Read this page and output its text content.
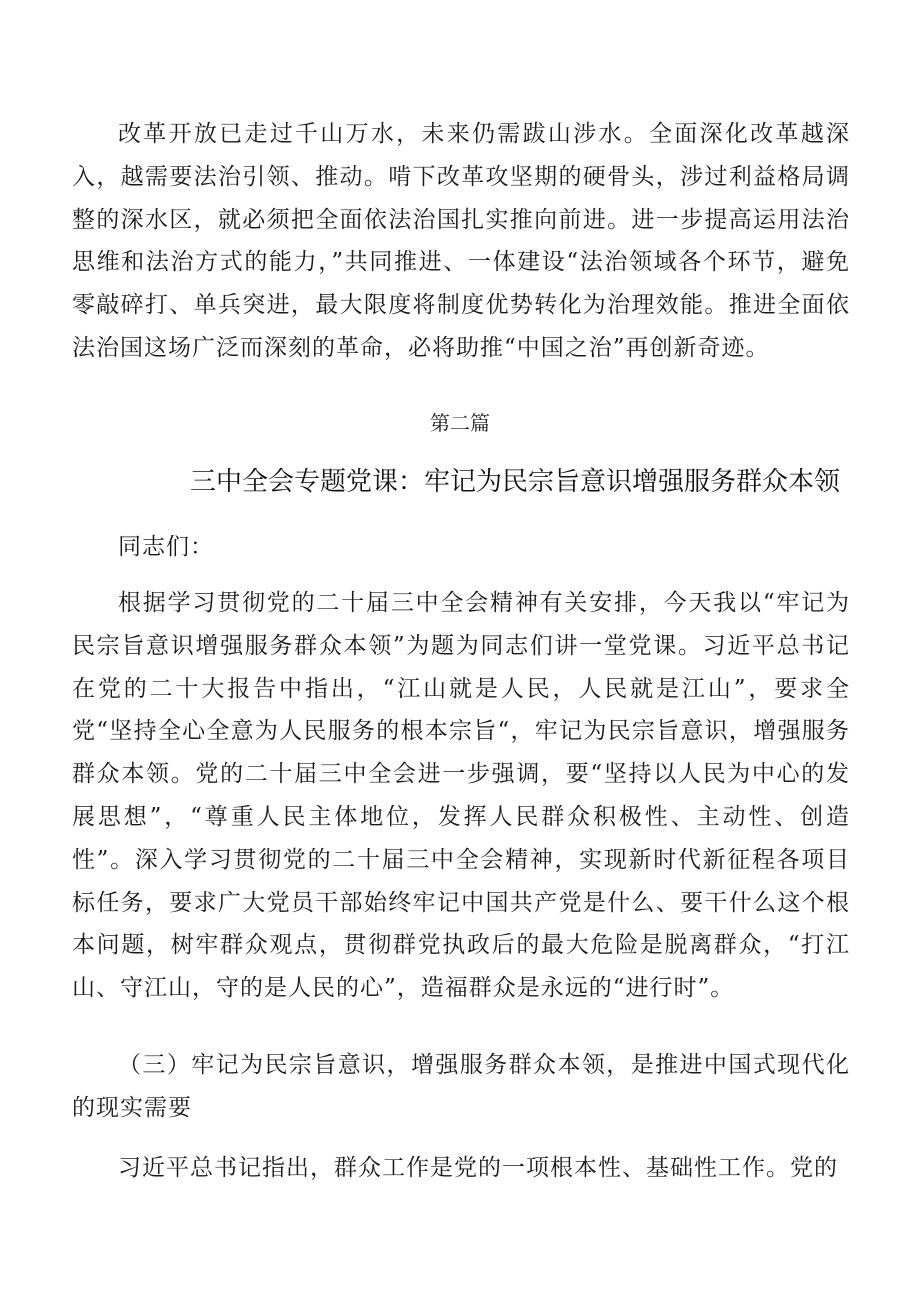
改革开放已走过千山万水，未来仍需跋山涉水。全面深化改革越深入，越需要法治引领、推动。啃下改革攻坚期的硬骨头，涉过利益格局调整的深水区，就必须把全面依法治国扎实推向前进。进一步提高运用法治思维和法治方式的能力，”共同推进、一体建设“法治领域各个环节，避免零敲碎打、单兵突进，最大限度将制度优势转化为治理效能。推进全面依法治国这场广泛而深刻的革命，必将助推“中国之治”再创新奇迹。

第二篇
三中全会专题党课：牢记为民宗旨意识增强服务群众本领

同志们：

根据学习贯彻党的二十届三中全会精神有关安排，今天我以“牢记为民宗旨意识增强服务群众本领”为题为同志们讲一堂党课。习近平总书记在党的二十大报告中指出，“江山就是人民，人民就是江山”，要求全党“坚持全心全意为人民服务的根本宗旨“，牢记为民宗旨意识，增强服务群众本领。党的二十届三中全会进一步强调，要“坚持以人民为中心的发展思想”，“尊重人民主体地位，发挥人民群众积极性、主动性、创造性”。深入学习贯彻党的二十届三中全会精神，实现新时代新征程各项目标任务，要求广大党员干部始终牢记中国共产党是什么、要干什么这个根本问题，树牢群众观点，贯彻群党执政后的最大危险是脱离群众，“打江山、守江山，守的是人民的心”，造福群众是永远的“进行时”。

（三）牢记为民宗旨意识，增强服务群众本领，是推进中国式现代化的现实需要

习近平总书记指出，群众工作是党的一项根本性、基础性工作。党的
